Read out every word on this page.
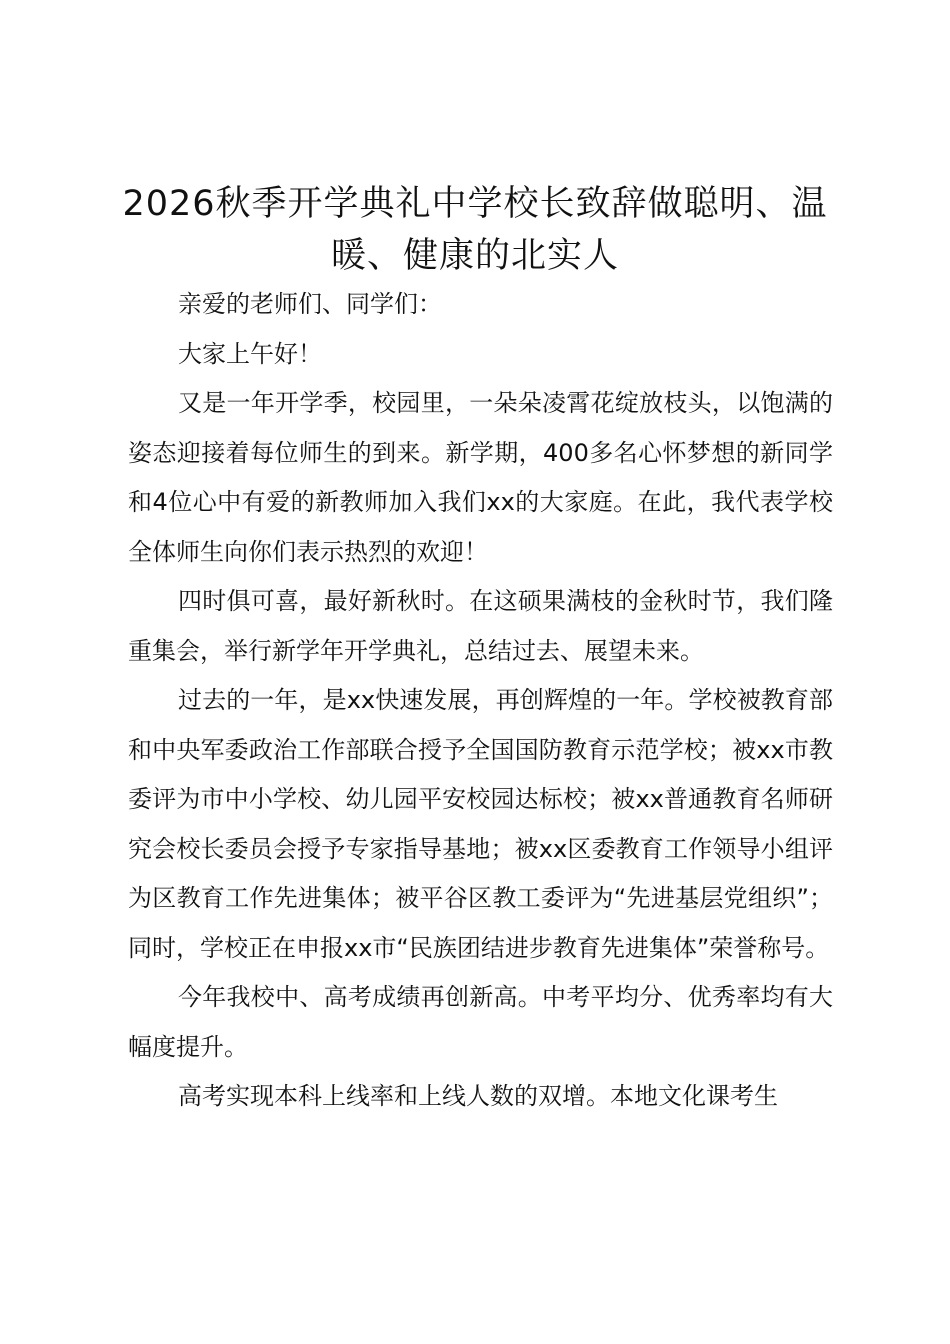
2026秋季开学典礼中学校长致辞做聪明、温暖、健康的北实人

亲爱的老师们、同学们：

大家上午好！

又是一年开学季，校园里，一朵朵凌霄花绽放枝头，以饱满的姿态迎接着每位师生的到来。新学期，400多名心怀梦想的新同学和4位心中有爱的新教师加入我们xx的大家庭。在此，我代表学校全体师生向你们表示热烈的欢迎！

四时俱可喜，最好新秋时。在这硕果满枝的金秋时节，我们隆重集会，举行新学年开学典礼，总结过去、展望未来。

过去的一年，是xx快速发展，再创辉煌的一年。学校被教育部和中央军委政治工作部联合授予全国国防教育示范学校；被xx市教委评为市中小学校、幼儿园平安校园达标校；被xx普通教育名师研究会校长委员会授予专家指导基地；被xx区委教育工作领导小组评为区教育工作先进集体；被平谷区教工委评为“先进基层党组织”；同时，学校正在申报xx市“民族团结进步教育先进集体”荣誉称号。

今年我校中、高考成绩再创新高。中考平均分、优秀率均有大幅度提升。

高考实现本科上线率和上线人数的双增。本地文化课考生
